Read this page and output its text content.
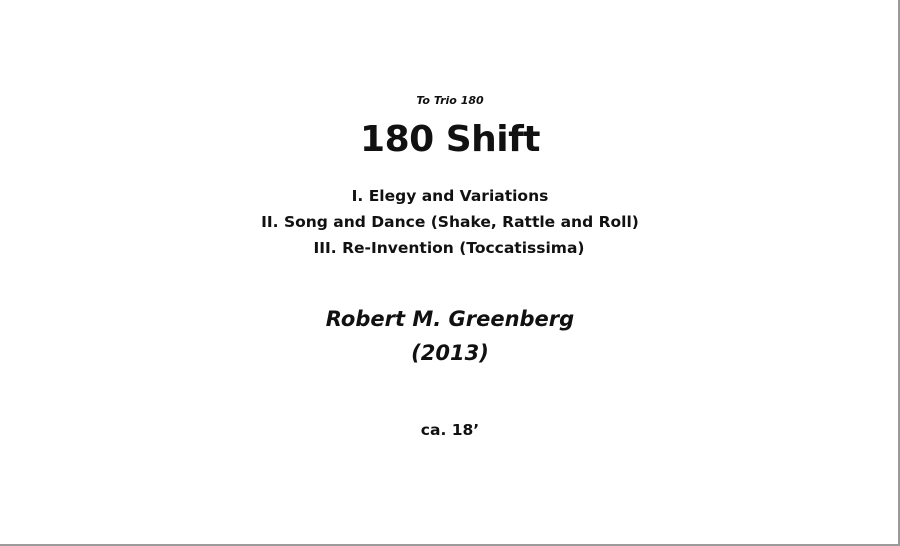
To Trio 180

180 Shift

I. Elegy and Variations
II. Song and Dance (Shake, Rattle and Roll)
III. Re-Invention (Toccatissima)

Robert M. Greenberg

(2013)

ca. 18’
